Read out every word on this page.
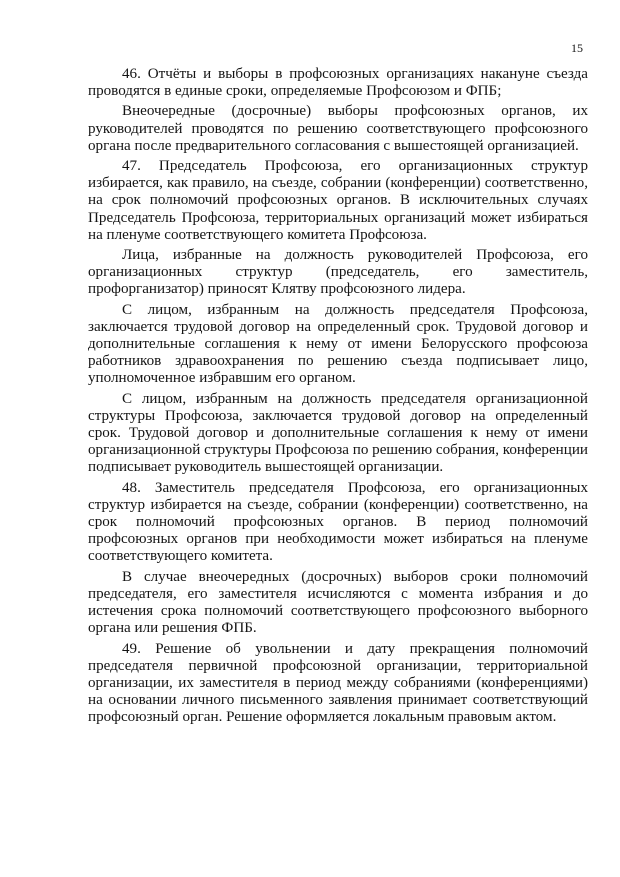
15

46. Отчёты и выборы в профсоюзных организациях накануне съезда проводятся в единые сроки, определяемые Профсоюзом и ФПБ;

Внеочередные (досрочные) выборы профсоюзных органов, их руководителей проводятся по решению соответствующего профсоюзного органа после предварительного согласования с вышестоящей организацией.

47. Председатель Профсоюза, его организационных структур избирается, как правило, на съезде, собрании (конференции) соответственно, на срок полномочий профсоюзных органов. В исключительных случаях Председатель Профсоюза, территориальных организаций может избираться на пленуме соответствующего комитета Профсоюза.

Лица, избранные на должность руководителей Профсоюза, его организационных структур (председатель, его заместитель, профорганизатор) приносят Клятву профсоюзного лидера.

С лицом, избранным на должность председателя Профсоюза, заключается трудовой договор на определенный срок. Трудовой договор и дополнительные соглашения к нему от имени Белорусского профсоюза работников здравоохранения по решению съезда подписывает лицо, уполномоченное избравшим его органом.

С лицом, избранным на должность председателя организационной структуры Профсоюза, заключается трудовой договор на определенный срок. Трудовой договор и дополнительные соглашения к нему от имени организационной структуры Профсоюза по решению собрания, конференции подписывает руководитель вышестоящей организации.

48. Заместитель председателя Профсоюза, его организационных структур избирается на съезде, собрании (конференции) соответственно, на срок полномочий профсоюзных органов. В период полномочий профсоюзных органов при необходимости может избираться на пленуме соответствующего комитета.

В случае внеочередных (досрочных) выборов сроки полномочий председателя, его заместителя исчисляются с момента избрания и до истечения срока полномочий соответствующего профсоюзного выборного органа или решения ФПБ.

49. Решение об увольнении и дату прекращения полномочий председателя первичной профсоюзной организации, территориальной организации, их заместителя в период между собраниями (конференциями) на основании личного письменного заявления принимает соответствующий профсоюзный орган. Решение оформляется локальным правовым актом.
